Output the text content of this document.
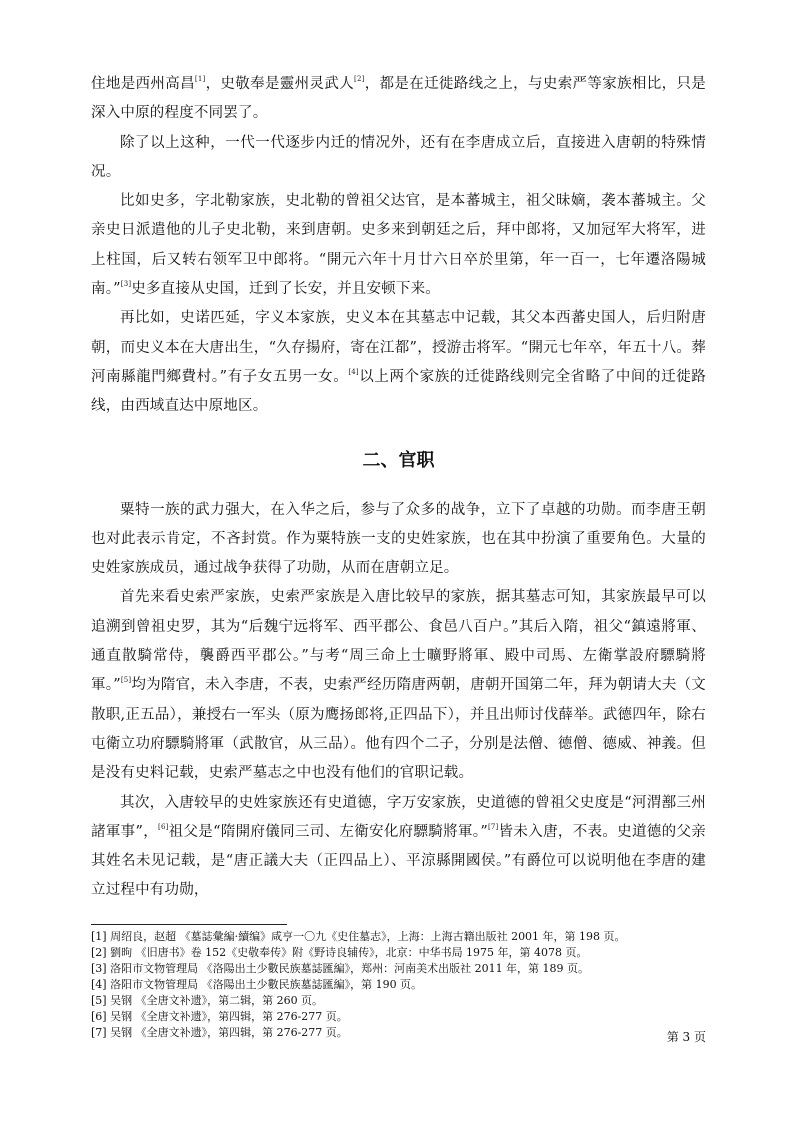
住地是西州高昌[1]，史敬奉是靈州灵武人[2]，都是在迁徙路线之上，与史索严等家族相比，只是深入中原的程度不同罢了。

除了以上这种，一代一代逐步内迁的情况外，还有在李唐成立后，直接进入唐朝的特殊情况。

比如史多，字北勒家族，史北勒的曾祖父达官，是本蕃城主，祖父昧嫡，袭本蕃城主。父亲史日派遣他的儿子史北勒，来到唐朝。史多来到朝廷之后，拜中郎将，又加冠军大将军，进上柱国，后又转右领军卫中郎将。“開元六年十月廿六日卒於里第，年一百一，七年遷洛陽城南。”[3]史多直接从史国，迁到了长安，并且安顿下来。

再比如，史诺匹延，字义本家族，史义本在其墓志中记载，其父本西蕃史国人，后归附唐朝，而史义本在大唐出生，“久存揚府，寄在江都”，授游击将军。“開元七年卒，年五十八。葬河南縣龍門鄉費村。”有子女五男一女。[4]以上两个家族的迁徙路线则完全省略了中间的迁徙路线，由西域直达中原地区。

二、官职

粟特一族的武力强大，在入华之后，参与了众多的战争，立下了卓越的功勋。而李唐王朝也对此表示肯定，不吝封赏。作为粟特族一支的史姓家族，也在其中扮演了重要角色。大量的史姓家族成员，通过战争获得了功勋，从而在唐朝立足。

首先来看史索严家族，史索严家族是入唐比较早的家族，据其墓志可知，其家族最早可以追溯到曾祖史罗，其为“后魏宁远将军、西平郡公、食邑八百户。”其后入隋，祖父“鎮遠將軍、通直散騎常侍，襲爵西平郡公。”与考“周三命上士曠野將軍、殿中司馬、左衛掌設府驃騎將軍。”[5]均为隋官，未入李唐，不表，史索严经历隋唐两朝，唐朝开国第二年，拜为朝请大夫（文散职,正五品），兼授右一军头（原为鹰扬郎将,正四品下），并且出师讨伐薛举。武德四年，除右屯衛立功府驃騎將軍（武散官，从三品）。他有四个二子，分别是法僧、德僧、德威、神義。但是没有史料记载，史索严墓志之中也没有他们的官职记载。

其次，入唐较早的史姓家族还有史道德，字万安家族，史道德的曾祖父史度是“河渭鄯三州諸軍事”，[6]祖父是“隋開府儀同三司、左衛安化府驃騎將軍。”[7]皆未入唐，不表。史道德的父亲其姓名未见记载，是“唐正議大夫（正四品上）、平涼縣開國侯。”有爵位可以说明他在李唐的建立过程中有功勋，

[1] 周绍良，赵超 《墓誌彙編·續编》咸亨一〇九《史住墓志》，上海：上海古籍出版社 2001 年，第 198 页。

[2] 劉昫 《旧唐书》卷 152《史敬奉传》附《野诗良辅传》，北京：中华书局 1975 年，第 4078 页。

[3] 洛阳市文物管理局 《洛陽出土少數民族墓誌匯編》，郑州：河南美术出版社 2011 年，第 189 页。

[4] 洛阳市文物管理局 《洛陽出土少數民族墓誌匯編》，第 190 页。

[5] 吴钢 《全唐文补遗》，第二辑，第 260 页。

[6] 吴钢 《全唐文补遗》，第四辑，第 276-277 页。

[7] 吴钢 《全唐文补遗》，第四辑，第 276-277 页。	第 3 页
